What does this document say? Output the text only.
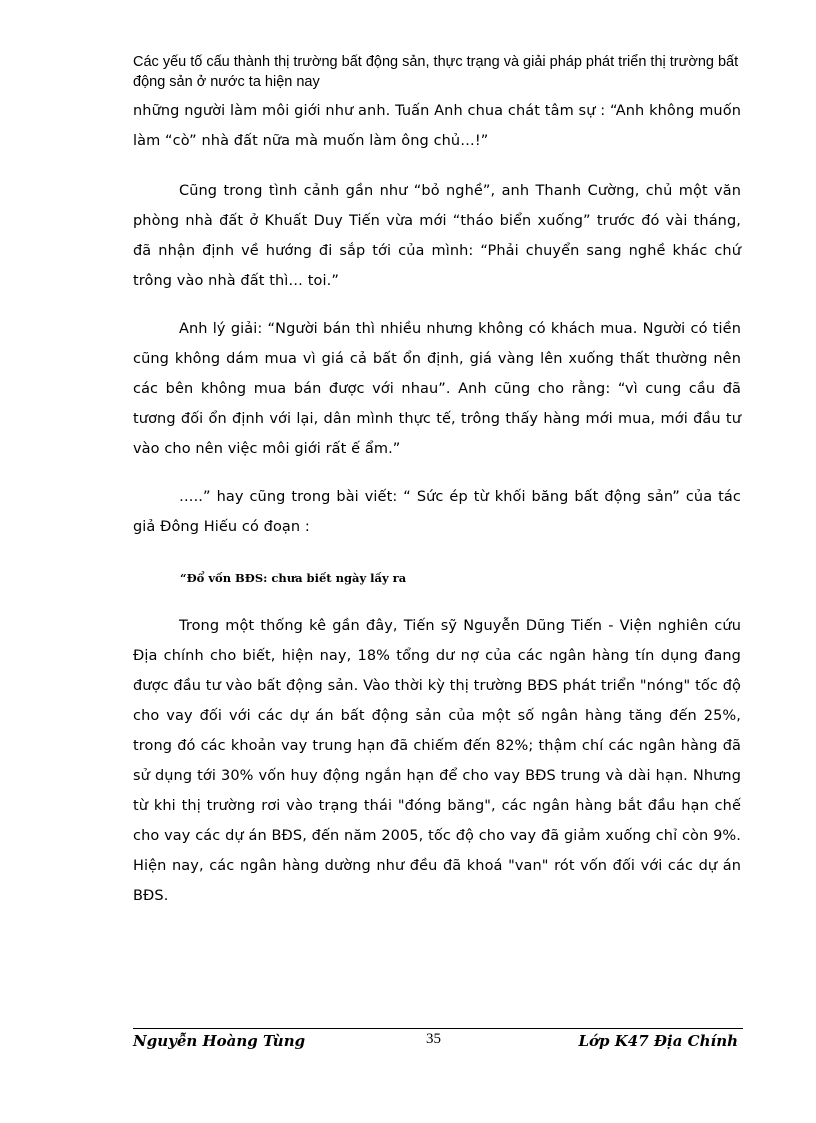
Các yếu tố cấu thành thị trường bất động sản, thực trạng và giải pháp phát triển thị trường bất động sản ở nước ta hiện nay

những người làm môi giới như anh. Tuấn Anh chua chát tâm sự : “Anh không muốn làm “cò” nhà đất nữa mà muốn làm ông chủ…!”

Cũng trong tình cảnh gần như “bỏ nghề”, anh Thanh Cường, chủ một văn phòng nhà đất ở Khuất Duy Tiến vừa mới “tháo biển xuống” trước đó vài tháng, đã nhận định về hướng đi sắp tới của mình: “Phải chuyển sang nghề khác chứ trông vào nhà đất thì… toi.”

Anh lý giải: “Người bán thì nhiều nhưng không có khách mua. Người có tiền cũng không dám mua vì giá cả bất ổn định, giá vàng lên xuống thất thường nên các bên không mua bán được với nhau”. Anh cũng cho rằng: “vì cung cầu đã tương đối ổn định với lại, dân mình thực tế, trông thấy hàng mới mua, mới đầu tư vào cho nên việc môi giới rất ế ẩm.”

…..” hay cũng trong bài viết: “ Sức ép từ khối băng bất động sản” của tác giả Đông Hiếu có đoạn :

“Đổ vốn BĐS: chưa biết ngày lấy ra

Trong một thống kê gần đây, Tiến sỹ Nguyễn Dũng Tiến - Viện nghiên cứu Địa chính cho biết, hiện nay, 18% tổng dư nợ của các ngân hàng tín dụng đang được đầu tư vào bất động sản. Vào thời kỳ thị trường BĐS phát triển "nóng" tốc độ cho vay đối với các dự án bất động sản của một số ngân hàng tăng đến 25%, trong đó các khoản vay trung hạn đã chiếm đến 82%; thậm chí các ngân hàng đã sử dụng tới 30% vốn huy động ngắn hạn để cho vay BĐS trung và dài hạn. Nhưng từ khi thị trường rơi vào trạng thái "đóng băng", các ngân hàng bắt đầu hạn chế cho vay các dự án BĐS, đến năm 2005, tốc độ cho vay đã giảm xuống chỉ còn 9%. Hiện nay, các ngân hàng dường như đều đã khoá "van" rót vốn đối với các dự án BĐS.

Nguyễn Hoàng Tùng	35	Lớp K47 Địa Chính
